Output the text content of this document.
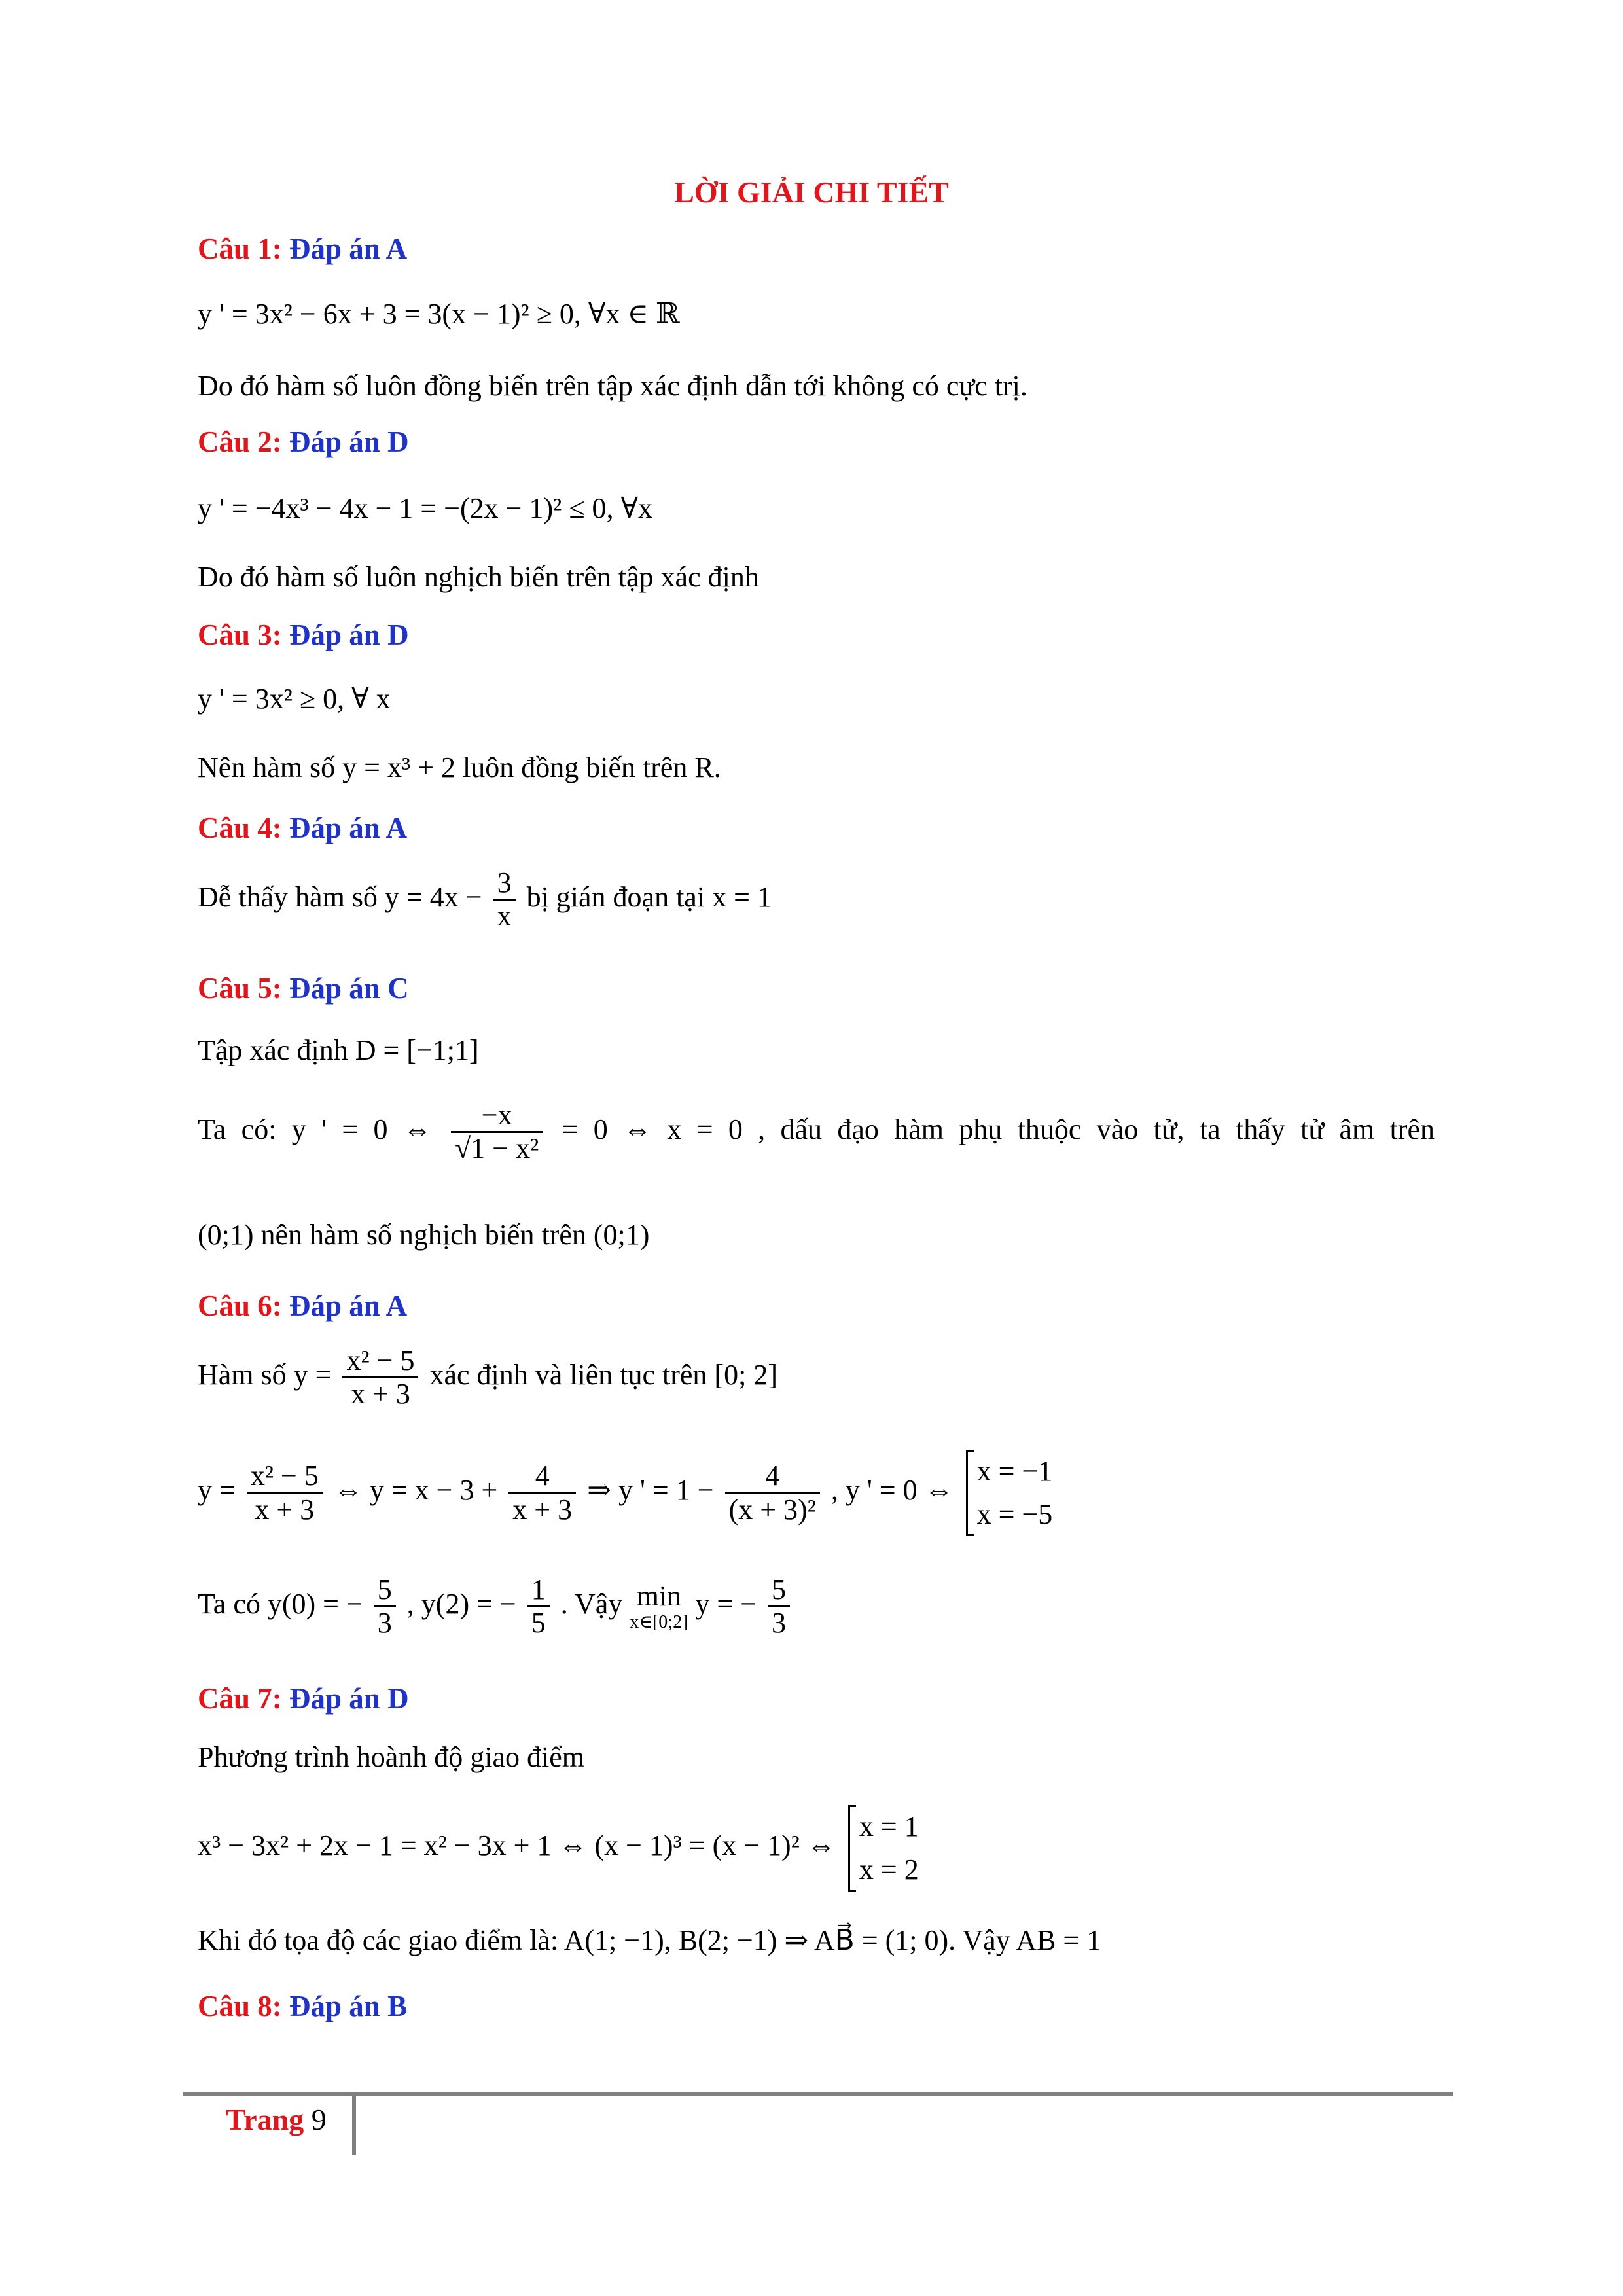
LỜI GIẢI CHI TIẾT
Câu 1: Đáp án A
y ' = 3x² − 6x + 3 = 3(x − 1)² ≥ 0, ∀x ∈ ℝ
Do đó hàm số luôn đồng biến trên tập xác định dẫn tới không có cực trị.
Câu 2: Đáp án D
y ' = −4x³ − 4x − 1 = −(2x − 1)² ≤ 0, ∀x
Do đó hàm số luôn nghịch biến trên tập xác định
Câu 3: Đáp án D
y ' = 3x² ≥ 0, ∀ x
Nên hàm số y = x³ + 2 luôn đồng biến trên R.
Câu 4: Đáp án A
Dễ thấy hàm số $y = 4x - \frac{3}{x}$ bị gián đoạn tại x = 1
Câu 5: Đáp án C
Tập xác định D = [−1;1]
Ta có: y ' = 0 ⇔ $\frac{-x}{\text{√1 − x²}} = 0$ ⇔ x = 0 , dấu đạo hàm phụ thuộc vào tử, ta thấy tử âm trên
(0;1) nên hàm số nghịch biến trên (0;1)
Câu 6: Đáp án A
Hàm số $y = \frac{\text{x² − 5}}{x + 3}$ xác định và liên tục trên [0; 2]
$y = \frac{\text{x² − 5}}{x + 3}$ ⇔ $y = x - 3 + \frac{4}{x + 3}$ ⇒ y ' = $1 - \frac{4}{\text{(x + 3)²}}$ , y ' = 0 ⇔
x = −1
x = −5
Ta có y(0) = − $\frac{5}{3}$ , y(2) = − $\frac{1}{5}$ . Vậy min
x∈[0;2]
y = − $\frac{5}{3}$
Câu 7: Đáp án D
Phương trình hoành độ giao điểm
x³ − 3x² + 2x − 1 = x² − 3x + 1 ⇔ (x − 1)³ = (x − 1)² ⇔
x = 1
x = 2
Khi đó tọa độ các giao điểm là: A(1; −1), B(2; −1) ⇒ AB⃗ = (1; 0). Vậy AB = 1
Câu 8: Đáp án B
Trang 9
